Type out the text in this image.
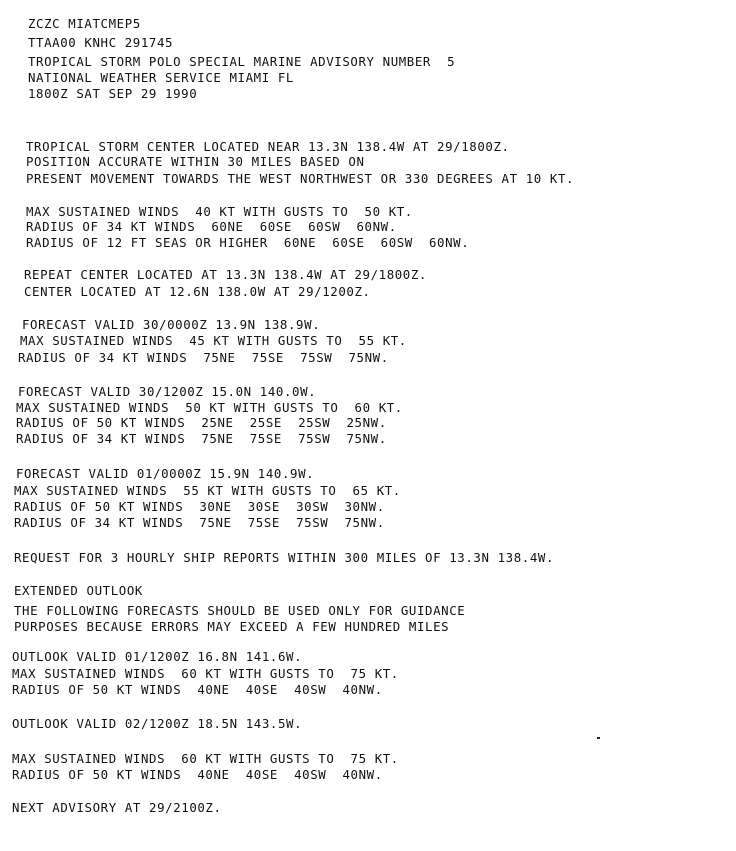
ZCZC MIATCMEP5
TTAA00 KNHC 291745
TROPICAL STORM POLO SPECIAL MARINE ADVISORY NUMBER  5
NATIONAL WEATHER SERVICE MIAMI FL
1800Z SAT SEP 29 1990
TROPICAL STORM CENTER LOCATED NEAR 13.3N 138.4W AT 29/1800Z.
POSITION ACCURATE WITHIN 30 MILES BASED ON
PRESENT MOVEMENT TOWARDS THE WEST NORTHWEST OR 330 DEGREES AT 10 KT.
MAX SUSTAINED WINDS  40 KT WITH GUSTS TO  50 KT.
RADIUS OF 34 KT WINDS  60NE  60SE  60SW  60NW.
RADIUS OF 12 FT SEAS OR HIGHER  60NE  60SE  60SW  60NW.
REPEAT CENTER LOCATED AT 13.3N 138.4W AT 29/1800Z.
CENTER LOCATED AT 12.6N 138.0W AT 29/1200Z.
FORECAST VALID 30/0000Z 13.9N 138.9W.
MAX SUSTAINED WINDS  45 KT WITH GUSTS TO  55 KT.
RADIUS OF 34 KT WINDS  75NE  75SE  75SW  75NW.
FORECAST VALID 30/1200Z 15.0N 140.0W.
MAX SUSTAINED WINDS  50 KT WITH GUSTS TO  60 KT.
RADIUS OF 50 KT WINDS  25NE  25SE  25SW  25NW.
RADIUS OF 34 KT WINDS  75NE  75SE  75SW  75NW.
FORECAST VALID 01/0000Z 15.9N 140.9W.
MAX SUSTAINED WINDS  55 KT WITH GUSTS TO  65 KT.
RADIUS OF 50 KT WINDS  30NE  30SE  30SW  30NW.
RADIUS OF 34 KT WINDS  75NE  75SE  75SW  75NW.
REQUEST FOR 3 HOURLY SHIP REPORTS WITHIN 300 MILES OF 13.3N 138.4W.
EXTENDED OUTLOOK
THE FOLLOWING FORECASTS SHOULD BE USED ONLY FOR GUIDANCE
PURPOSES BECAUSE ERRORS MAY EXCEED A FEW HUNDRED MILES
OUTLOOK VALID 01/1200Z 16.8N 141.6W.
MAX SUSTAINED WINDS  60 KT WITH GUSTS TO  75 KT.
RADIUS OF 50 KT WINDS  40NE  40SE  40SW  40NW.
OUTLOOK VALID 02/1200Z 18.5N 143.5W.
MAX SUSTAINED WINDS  60 KT WITH GUSTS TO  75 KT.
RADIUS OF 50 KT WINDS  40NE  40SE  40SW  40NW.
NEXT ADVISORY AT 29/2100Z.
